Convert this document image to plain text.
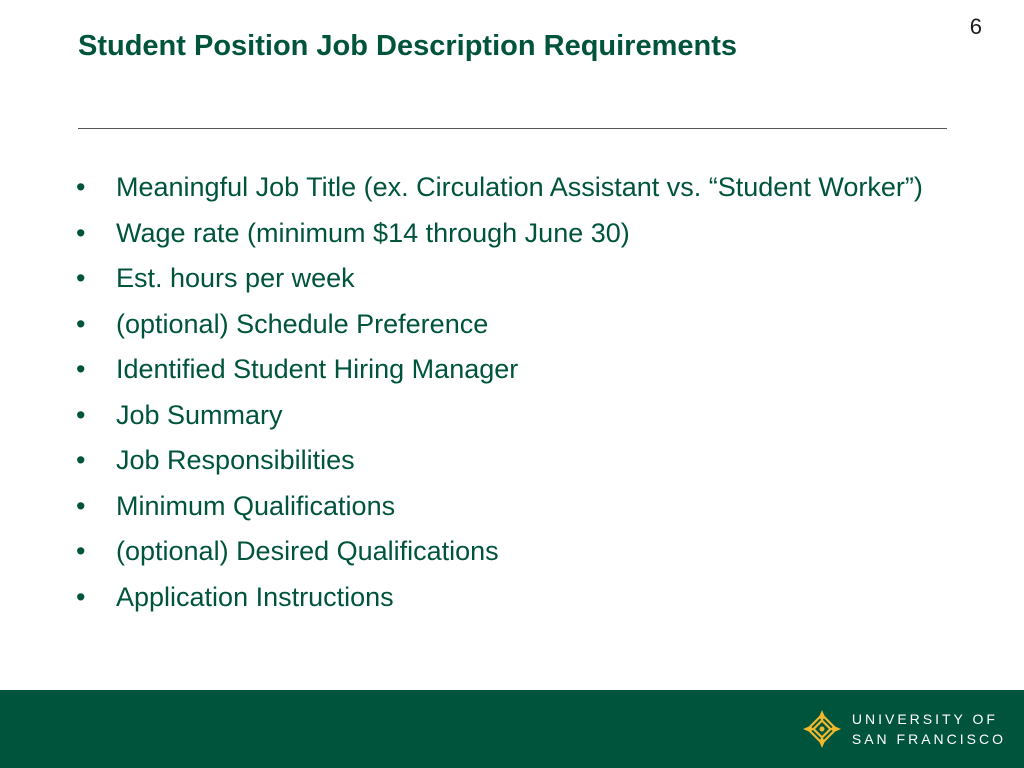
6
Student Position Job Description Requirements
• Meaningful Job Title (ex. Circulation Assistant vs. “Student Worker”)
• Wage rate (minimum $14 through June 30)
• Est. hours per week
• (optional) Schedule Preference
• Identified Student Hiring Manager
• Job Summary
• Job Responsibilities
• Minimum Qualifications
• (optional) Desired Qualifications
• Application Instructions
UNIVERSITY OF
SAN FRANCISCO
